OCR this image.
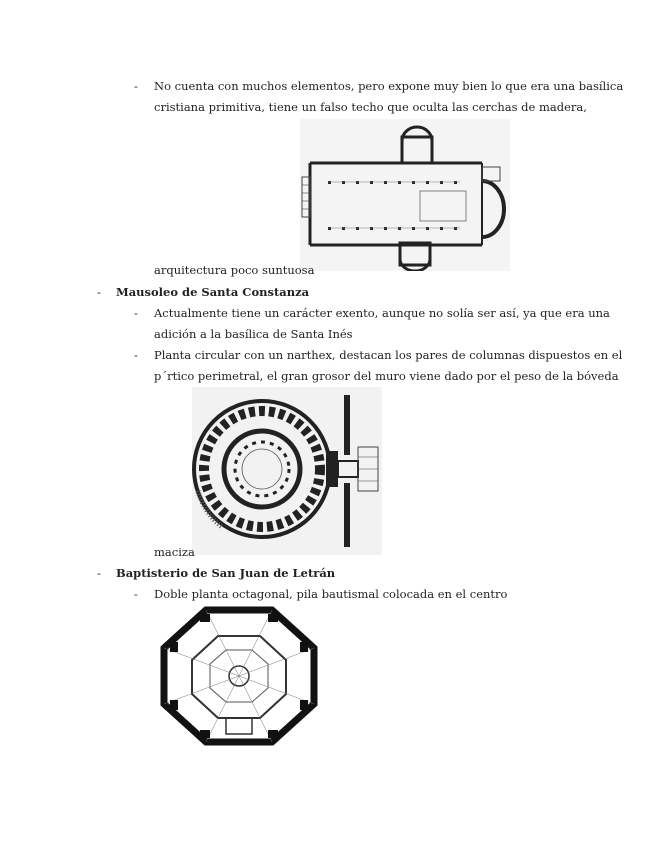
- No cuenta con muchos elementos, pero expone muy bien lo que era una basílica
cristiana primitiva, tiene un falso techo que oculta las cerchas de madera,
arquitectura poco suntuosa
- Mausoleo de Santa Constanza
- Actualmente tiene un carácter exento, aunque no solía ser así, ya que era una
adición a la basílica de Santa Inés
- Planta circular con un narthex, destacan los pares de columnas dispuestos en el
p´rtico perimetral, el gran grosor del muro viene dado por el peso de la bóveda
maciza
- Baptisterio de San Juan de Letrán
- Doble planta octagonal, pila bautismal colocada en el centro
